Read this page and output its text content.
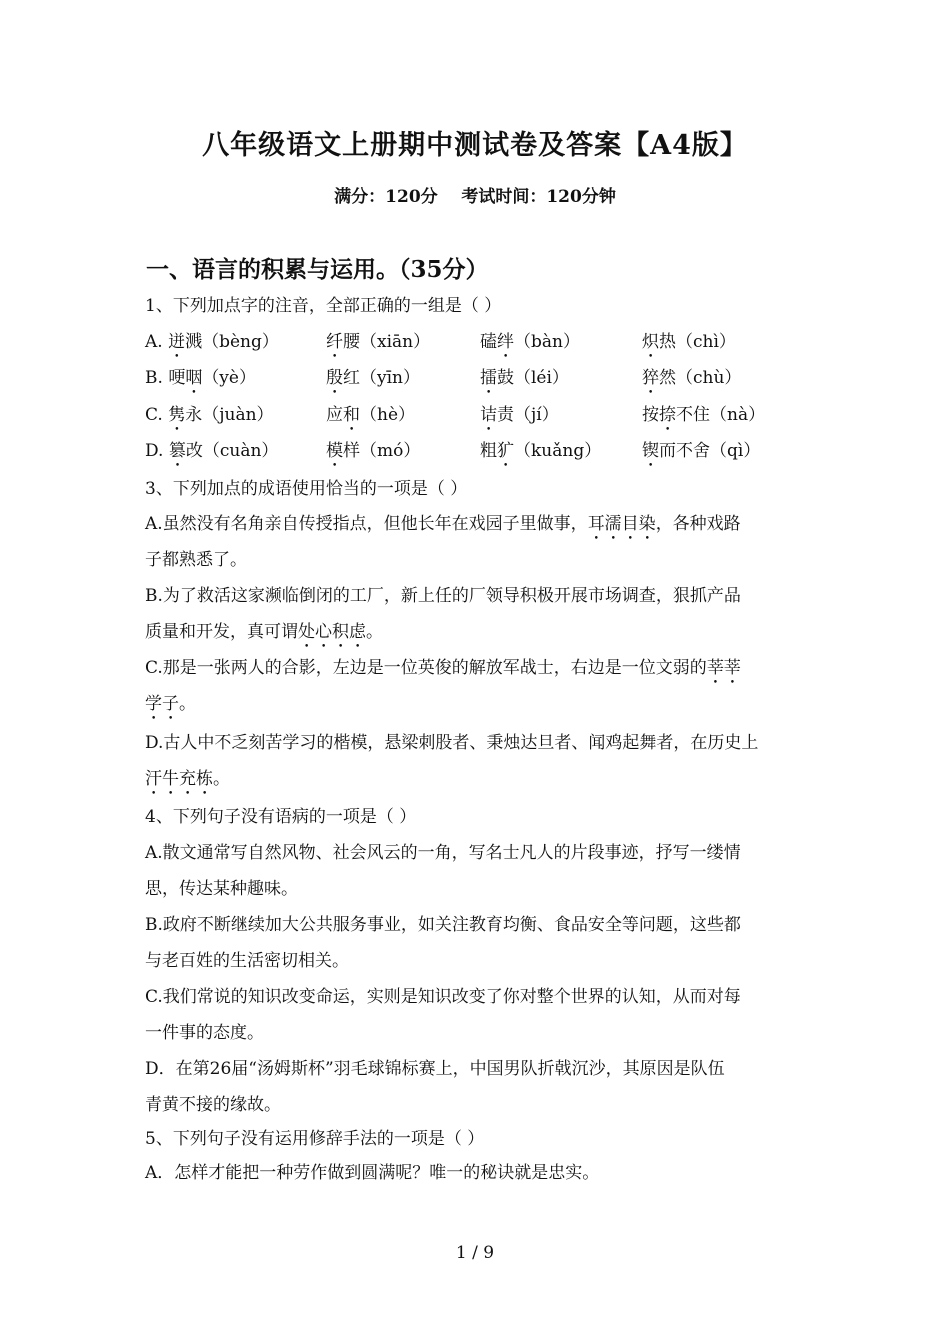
八年级语文上册期中测试卷及答案【A4版】
满分：120分    考试时间：120分钟
一、语言的积累与运用。（35分）
1、下列加点字的注音，全部正确的一组是（ ）
A. 迸溅（bèng）	纤腰（xiān）	磕绊（bàn）	炽热（chì）
B. 哽咽（yè）	殷红（yīn）	擂鼓（léi）	猝然（chù）
C. 隽永（juàn）	应和（hè）	诘责（jí）	按捺不住（nà）
D. 篡改（cuàn）	模样（mó）	粗犷（kuǎng） 锲而不舍（qì）
3、下列加点的成语使用恰当的一项是（ ）
A.虽然没有名角亲自传授指点，但他长年在戏园子里做事，耳濡目染，各种戏路
子都熟悉了。
B.为了救活这家濒临倒闭的工厂，新上任的厂领导积极开展市场调查，狠抓产品
质量和开发，真可谓处心积虑。
C.那是一张两人的合影，左边是一位英俊的解放军战士，右边是一位文弱的莘莘
学子。
D.古人中不乏刻苦学习的楷模，悬梁刺股者、秉烛达旦者、闻鸡起舞者，在历史上
汗牛充栋。
4、下列句子没有语病的一项是（ ）
A.散文通常写自然风物、社会风云的一角，写名士凡人的片段事迹，抒写一缕情
思，传达某种趣味。
B.政府不断继续加大公共服务事业，如关注教育均衡、食品安全等问题，这些都
与老百姓的生活密切相关。
C.我们常说的知识改变命运，实则是知识改变了你对整个世界的认知，从而对每
一件事的态度。
D．在第26届“汤姆斯杯”羽毛球锦标赛上，中国男队折戟沉沙，其原因是队伍
青黄不接的缘故。
5、下列句子没有运用修辞手法的一项是（ ）
A．怎样才能把一种劳作做到圆满呢？唯一的秘诀就是忠实。
1 / 9
